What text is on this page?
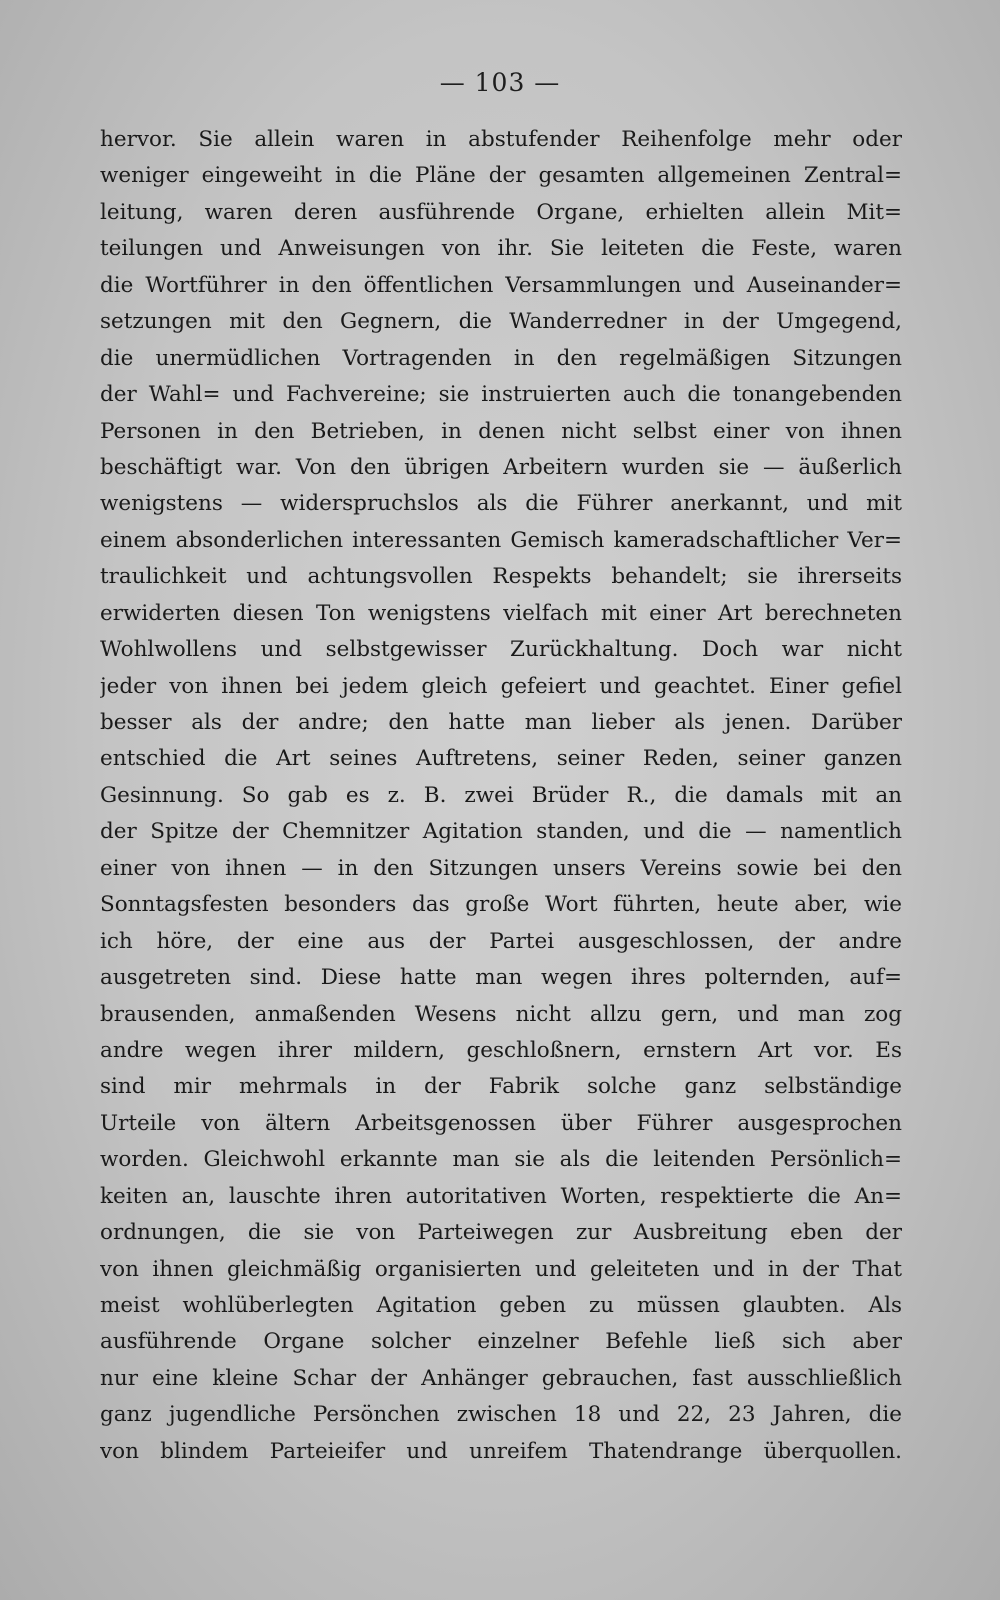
— 103 —
hervor. Sie allein waren in abstufender Reihenfolge mehr oder
weniger eingeweiht in die Pläne der gesamten allgemeinen Zentral=
leitung, waren deren ausführende Organe, erhielten allein Mit=
teilungen und Anweisungen von ihr. Sie leiteten die Feste, waren
die Wortführer in den öffentlichen Versammlungen und Auseinander=
setzungen mit den Gegnern, die Wanderredner in der Umgegend,
die unermüdlichen Vortragenden in den regelmäßigen Sitzungen
der Wahl= und Fachvereine; sie instruierten auch die tonangebenden
Personen in den Betrieben, in denen nicht selbst einer von ihnen
beschäftigt war. Von den übrigen Arbeitern wurden sie — äußerlich
wenigstens — widerspruchslos als die Führer anerkannt, und mit
einem absonderlichen interessanten Gemisch kameradschaftlicher Ver=
traulichkeit und achtungsvollen Respekts behandelt; sie ihrerseits
erwiderten diesen Ton wenigstens vielfach mit einer Art berechneten
Wohlwollens und selbstgewisser Zurückhaltung. Doch war nicht
jeder von ihnen bei jedem gleich gefeiert und geachtet. Einer gefiel
besser als der andre; den hatte man lieber als jenen. Darüber
entschied die Art seines Auftretens, seiner Reden, seiner ganzen
Gesinnung. So gab es z. B. zwei Brüder R., die damals mit an
der Spitze der Chemnitzer Agitation standen, und die — namentlich
einer von ihnen — in den Sitzungen unsers Vereins sowie bei den
Sonntagsfesten besonders das große Wort führten, heute aber, wie
ich höre, der eine aus der Partei ausgeschlossen, der andre
ausgetreten sind. Diese hatte man wegen ihres polternden, auf=
brausenden, anmaßenden Wesens nicht allzu gern, und man zog
andre wegen ihrer mildern, geschloßnern, ernstern Art vor. Es
sind mir mehrmals in der Fabrik solche ganz selbständige
Urteile von ältern Arbeitsgenossen über Führer ausgesprochen
worden. Gleichwohl erkannte man sie als die leitenden Persönlich=
keiten an, lauschte ihren autoritativen Worten, respektierte die An=
ordnungen, die sie von Parteiwegen zur Ausbreitung eben der
von ihnen gleichmäßig organisierten und geleiteten und in der That
meist wohlüberlegten Agitation geben zu müssen glaubten. Als
ausführende Organe solcher einzelner Befehle ließ sich aber
nur eine kleine Schar der Anhänger gebrauchen, fast ausschließlich
ganz jugendliche Persönchen zwischen 18 und 22, 23 Jahren, die
von blindem Parteieifer und unreifem Thatendrange überquollen.
